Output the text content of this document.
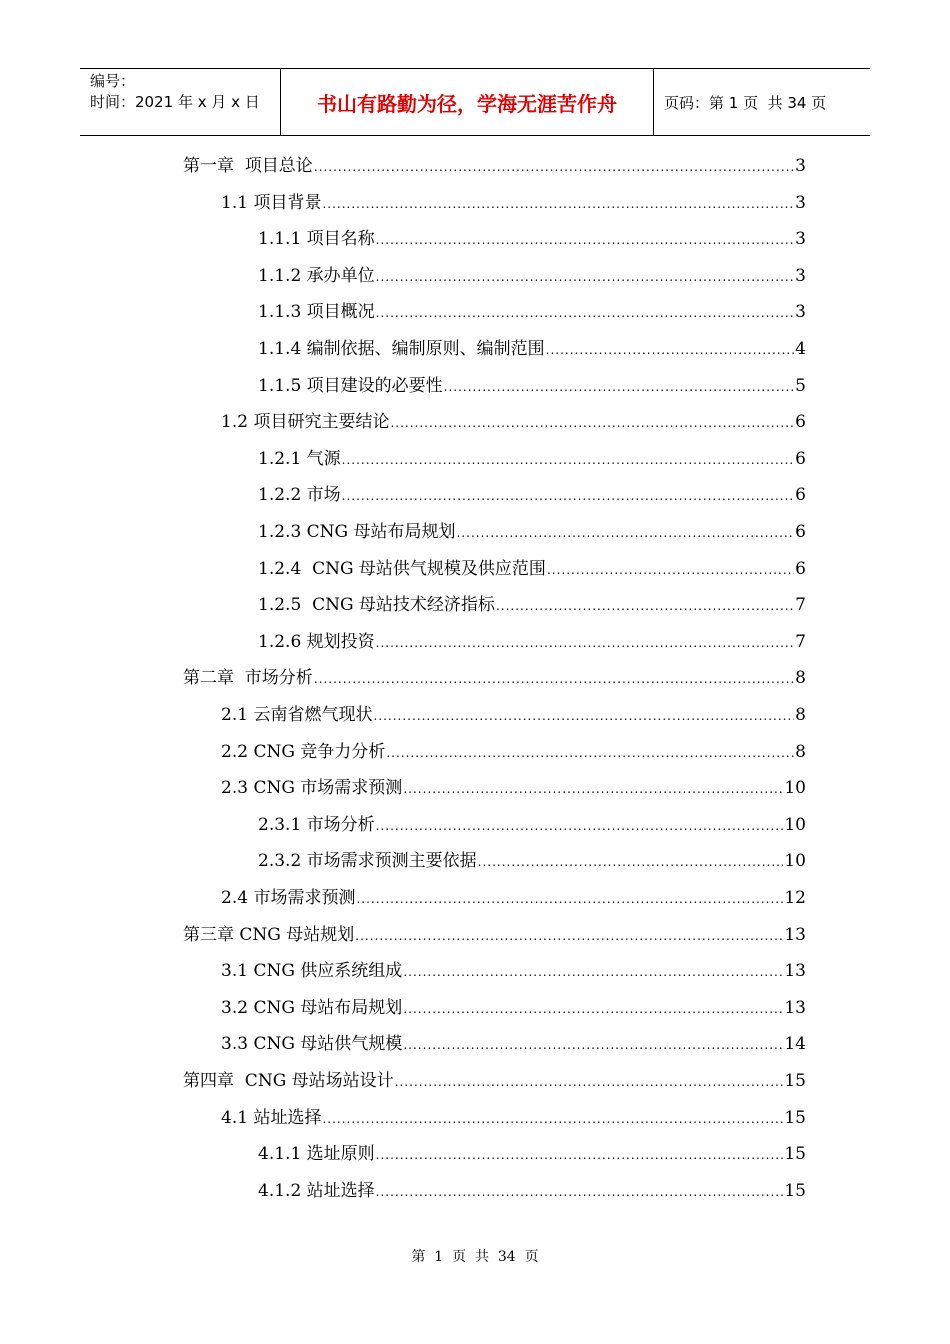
编号：
时间：2021 年 x 月 x 日	书山有路勤为径，学海无涯苦作舟	页码：第 1 页  共 34 页
第一章  项目总论 .....	3
1.1 项目背景 .....	3
1.1.1 项目名称 .....	3
1.1.2 承办单位 .....	3
1.1.3 项目概况 .....	3
1.1.4 编制依据、编制原则、编制范围 .....	4
1.1.5 项目建设的必要性 .....	5
1.2 项目研究主要结论 .....	6
1.2.1 气源 .....	6
1.2.2 市场 .....	6
1.2.3 CNG 母站布局规划 .....	6
1.2.4  CNG 母站供气规模及供应范围 .....	6
1.2.5  CNG 母站技术经济指标 .....	7
1.2.6 规划投资 .....	7
第二章  市场分析 .....	8
2.1 云南省燃气现状 .....	8
2.2 CNG 竞争力分析 .....	8
2.3 CNG 市场需求预测 .....	10
2.3.1 市场分析 .....	10
2.3.2 市场需求预测主要依据 .....	10
2.4 市场需求预测 .....	12
第三章 CNG 母站规划 .....	13
3.1 CNG 供应系统组成 .....	13
3.2 CNG 母站布局规划 .....	13
3.3 CNG 母站供气规模 .....	14
第四章  CNG 母站场站设计 .....	15
4.1 站址选择 .....	15
4.1.1 选址原则 .....	15
4.1.2 站址选择 .....	15
第  1  页  共  34  页
